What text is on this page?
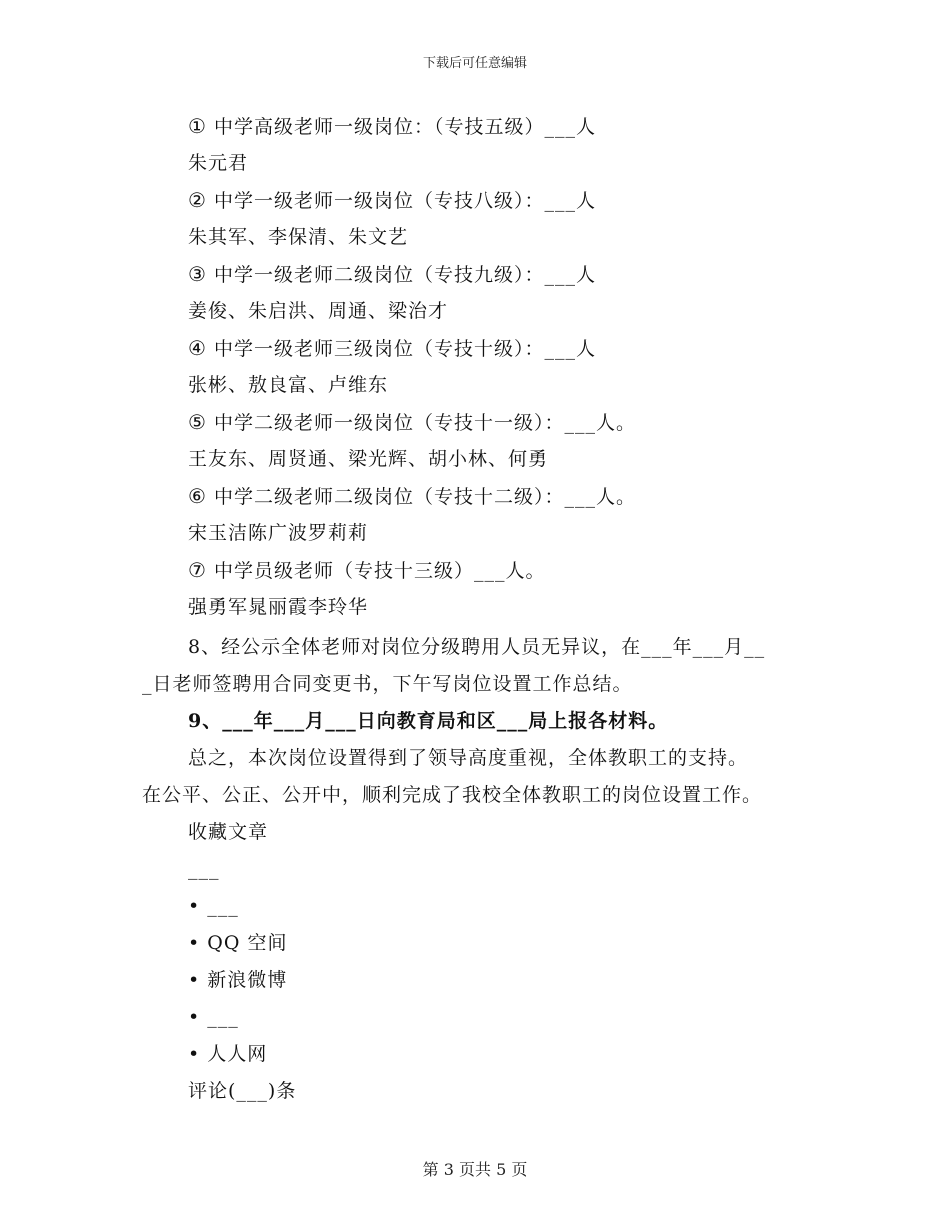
下载后可任意编辑
① 中学高级老师一级岗位：（专技五级）___人
朱元君
② 中学一级老师一级岗位（专技八级）：___人
朱其军、李保清、朱文艺
③ 中学一级老师二级岗位（专技九级）：___人
姜俊、朱启洪、周通、梁治才
④ 中学一级老师三级岗位（专技十级）：___人
张彬、敖良富、卢维东
⑤ 中学二级老师一级岗位（专技十一级）：___人。
王友东、周贤通、梁光辉、胡小林、何勇
⑥ 中学二级老师二级岗位（专技十二级）：___人。
宋玉洁陈广波罗莉莉
⑦ 中学员级老师（专技十三级）___人。
强勇军晁丽霞李玲华
8、经公示全体老师对岗位分级聘用人员无异议，在___年___月__
_日老师签聘用合同变更书，下午写岗位设置工作总结。
9、___年___月___日向教育局和区___局上报各材料。
总之，本次岗位设置得到了领导高度重视，全体教职工的支持。
在公平、公正、公开中，顺利完成了我校全体教职工的岗位设置工作。
收藏文章
___
• ___
• QQ 空间
• 新浪微博
• ___
• 人人网
评论(___)条
第 3 页共 5 页
